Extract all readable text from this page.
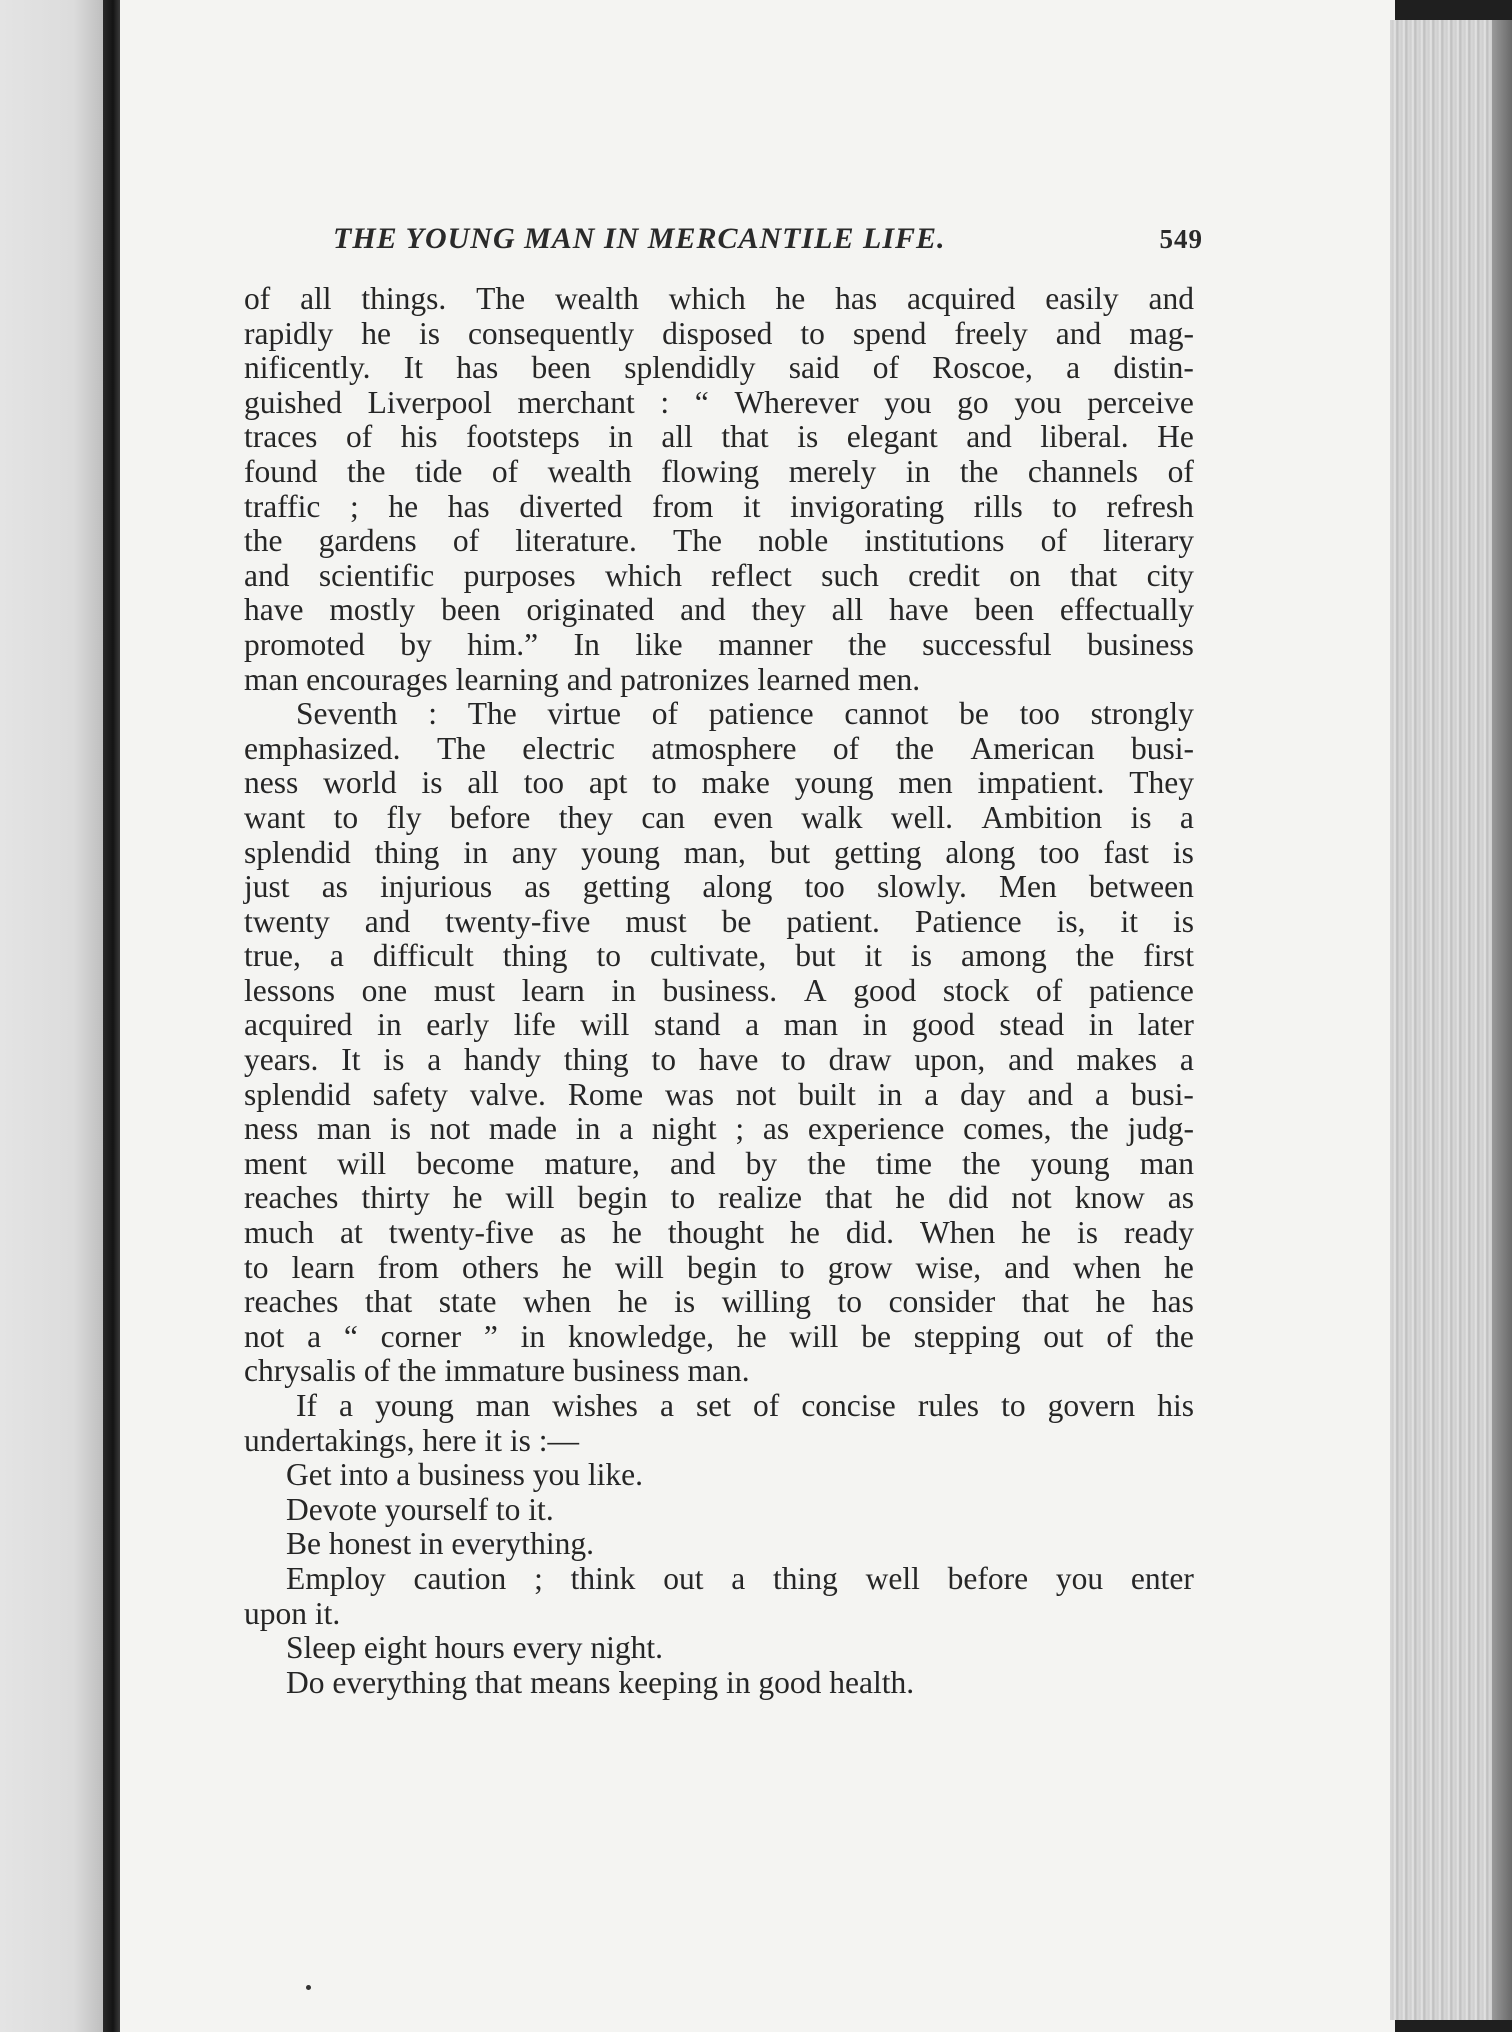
THE YOUNG MAN IN MERCANTILE LIFE.	549
of all things. The wealth which he has acquired easily and
rapidly he is consequently disposed to spend freely and mag-
nificently. It has been splendidly said of Roscoe, a distin-
guished Liverpool merchant : “ Wherever you go you perceive
traces of his footsteps in all that is elegant and liberal. He
found the tide of wealth flowing merely in the channels of
traffic ; he has diverted from it invigorating rills to refresh
the gardens of literature. The noble institutions of literary
and scientific purposes which reflect such credit on that city
have mostly been originated and they all have been effectually
promoted by him.” In like manner the successful business
man encourages learning and patronizes learned men.
Seventh : The virtue of patience cannot be too strongly
emphasized. The electric atmosphere of the American busi-
ness world is all too apt to make young men impatient. They
want to fly before they can even walk well. Ambition is a
splendid thing in any young man, but getting along too fast is
just as injurious as getting along too slowly. Men between
twenty and twenty-five must be patient. Patience is, it is
true, a difficult thing to cultivate, but it is among the first
lessons one must learn in business. A good stock of patience
acquired in early life will stand a man in good stead in later
years. It is a handy thing to have to draw upon, and makes a
splendid safety valve. Rome was not built in a day and a busi-
ness man is not made in a night ; as experience comes, the judg-
ment will become mature, and by the time the young man
reaches thirty he will begin to realize that he did not know as
much at twenty-five as he thought he did. When he is ready
to learn from others he will begin to grow wise, and when he
reaches that state when he is willing to consider that he has
not a “ corner ” in knowledge, he will be stepping out of the
chrysalis of the immature business man.
If a young man wishes a set of concise rules to govern his
undertakings, here it is :—
Get into a business you like.
Devote yourself to it.
Be honest in everything.
Employ caution ; think out a thing well before you enter
upon it.
Sleep eight hours every night.
Do everything that means keeping in good health.
